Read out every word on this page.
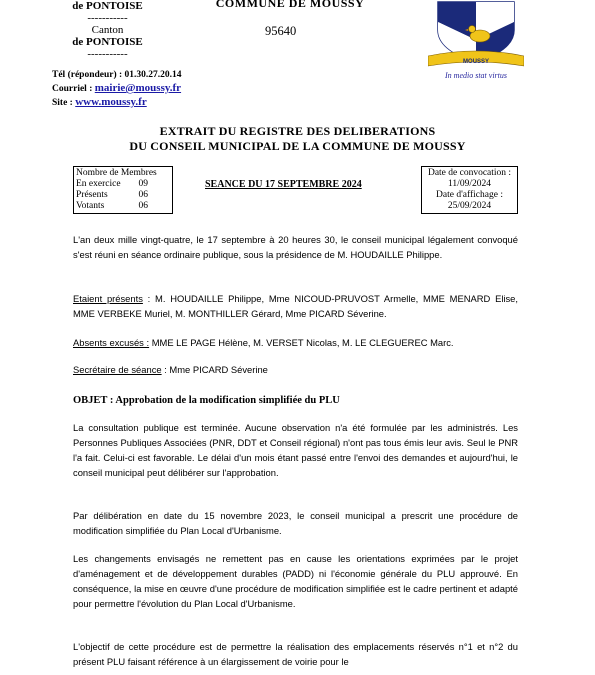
de PONTOISE
-----------
Canton
de PONTOISE
-----------
Tél (répondeur) : 01.30.27.20.14
Courriel : mairie@moussy.fr
Site : www.moussy.fr
COMMUNE DE MOUSSY
95640
MOUSSY
In medio stat virtus
EXTRAIT DU REGISTRE DES DELIBERATIONS
DU CONSEIL MUNICIPAL DE LA COMMUNE DE MOUSSY
Nombre de Membres
En exercice 09
Présents	06
Votants	06
SEANCE DU 17 SEPTEMBRE 2024
Date de convocation :
11/09/2024
Date d'affichage :
25/09/2024
L'an deux mille vingt-quatre, le 17 septembre à 20 heures 30, le conseil municipal légalement convoqué s'est réuni en séance ordinaire publique, sous la présidence de M. HOUDAILLE Philippe.
Etaient présents : M. HOUDAILLE Philippe, Mme NICOUD-PRUVOST Armelle, MME MENARD Elise, MME VERBEKE Muriel, M. MONTHILLER Gérard, Mme PICARD Séverine.
Absents excusés : MME LE PAGE Hélène, M. VERSET Nicolas, M. LE CLEGUEREC Marc.
Secrétaire de séance : Mme PICARD Séverine
OBJET : Approbation de la modification simplifiée du PLU
La consultation publique est terminée. Aucune observation n'a été formulée par les administrés. Les Personnes Publiques Associées (PNR, DDT et Conseil régional) n'ont pas tous émis leur avis. Seul le PNR l'a fait. Celui-ci est favorable. Le délai d'un mois étant passé entre l'envoi des demandes et aujourd'hui, le conseil municipal peut délibérer sur l'approbation.
Par délibération en date du 15 novembre 2023, le conseil municipal a prescrit une procédure de modification simplifiée du Plan Local d'Urbanisme.
Les changements envisagés ne remettent pas en cause les orientations exprimées par le projet d'aménagement et de développement durables (PADD) ni l'économie générale du PLU approuvé. En conséquence, la mise en œuvre d'une procédure de modification simplifiée est le cadre pertinent et adapté pour permettre l'évolution du Plan Local d'Urbanisme.
L'objectif de cette procédure est de permettre la réalisation des emplacements réservés n°1 et n°2 du présent PLU faisant référence à un élargissement de voirie pour le
